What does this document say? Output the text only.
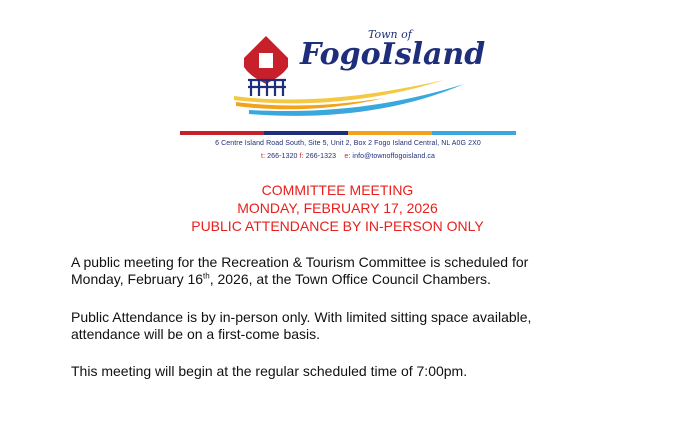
Town of
FogoIsland
6 Centre Island Road South, Site 5, Unit 2, Box 2 Fogo Island Central, NL A0G 2X0
t: 266-1320 f: 266-1323 e: info@townoffogoisland.ca
COMMITTEE MEETING
MONDAY, FEBRUARY 17, 2026
PUBLIC ATTENDANCE BY IN-PERSON ONLY
A public meeting for the Recreation & Tourism Committee is scheduled for
Monday, February 16th, 2026, at the Town Office Council Chambers.
Public Attendance is by in-person only. With limited sitting space available,
attendance will be on a first-come basis.
This meeting will begin at the regular scheduled time of 7:00pm.
